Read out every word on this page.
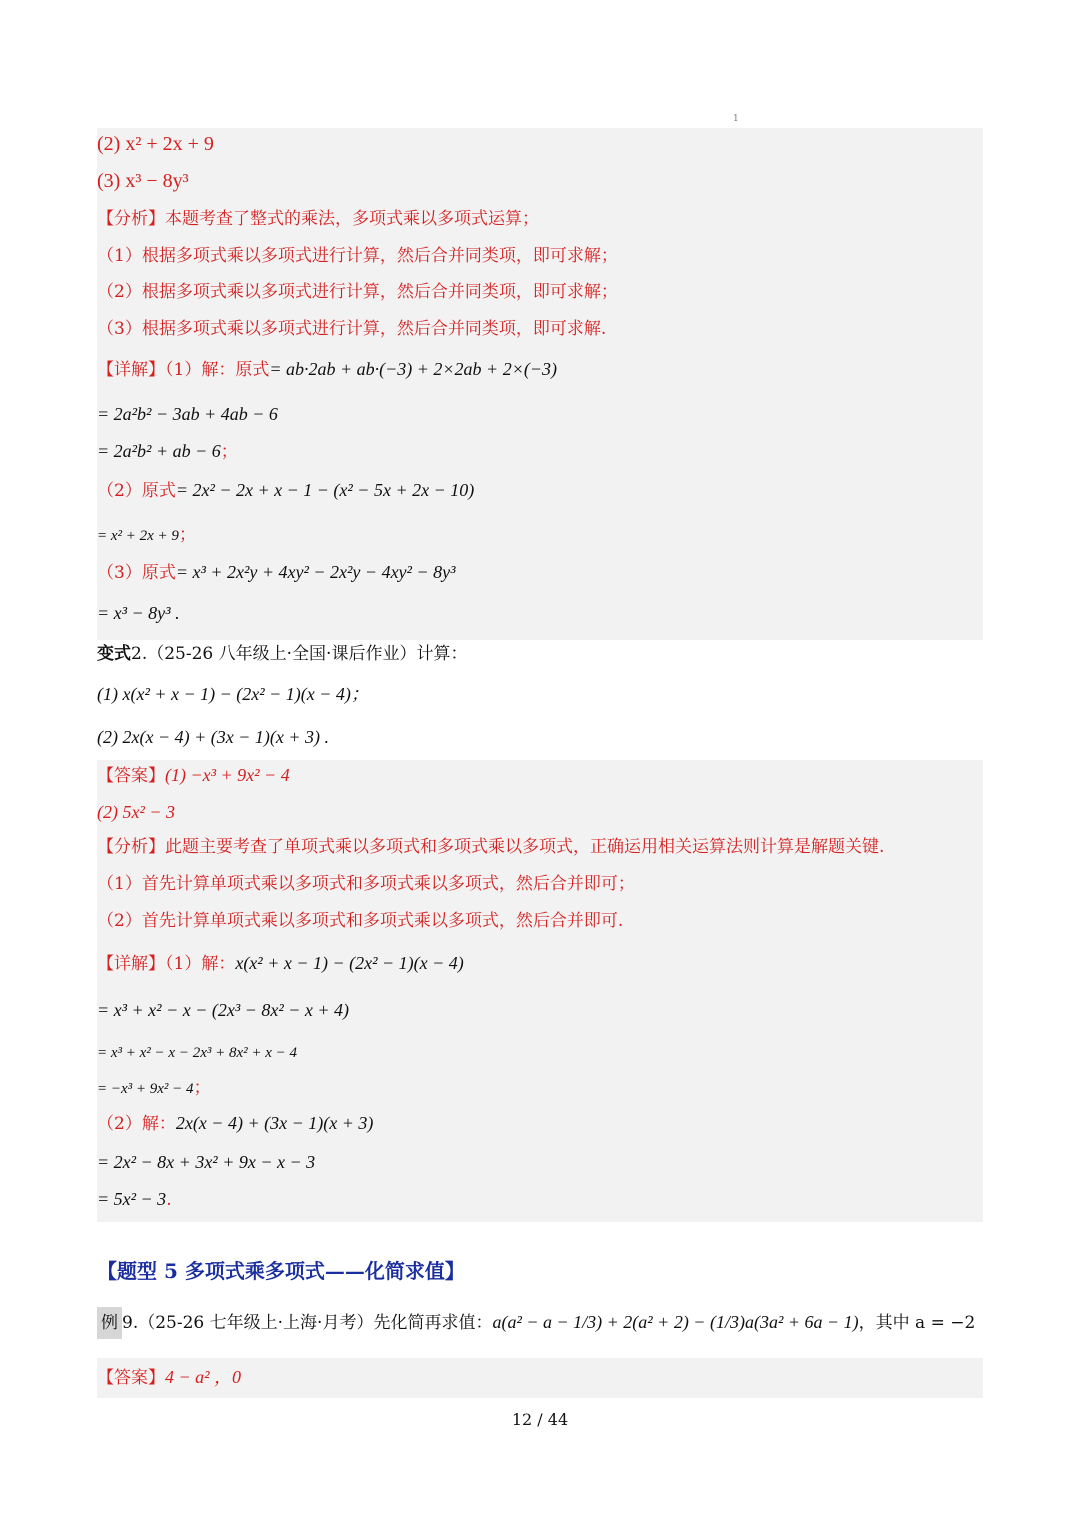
1
(2) x² + 2x + 9
(3) x³ − 8y³
【分析】本题考查了整式的乘法，多项式乘以多项式运算；
（1）根据多项式乘以多项式进行计算，然后合并同类项，即可求解；
（2）根据多项式乘以多项式进行计算，然后合并同类项，即可求解；
（3）根据多项式乘以多项式进行计算，然后合并同类项，即可求解.
【详解】（1）解：原式= ab·2ab + ab·(−3) + 2×2ab + 2×(−3)
= 2a²b² − 3ab + 4ab − 6
= 2a²b² + ab − 6；
（2）原式= 2x² − 2x + x − 1 − (x² − 5x + 2x − 10)
= x² + 2x + 9；
（3）原式= x³ + 2x²y + 4xy² − 2x²y − 4xy² − 8y³
= x³ − 8y³ .
变式2.（25-26 八年级上·全国·课后作业）计算：
(1) x(x² + x − 1) − (2x² − 1)(x − 4)；
(2) 2x(x − 4) + (3x − 1)(x + 3) .
【答案】(1) −x³ + 9x² − 4
(2) 5x² − 3
【分析】此题主要考查了单项式乘以多项式和多项式乘以多项式，正确运用相关运算法则计算是解题关键.
（1）首先计算单项式乘以多项式和多项式乘以多项式，然后合并即可；
（2）首先计算单项式乘以多项式和多项式乘以多项式，然后合并即可.
【详解】（1）解：x(x² + x − 1) − (2x² − 1)(x − 4)
= x³ + x² − x − (2x³ − 8x² − x + 4)
= x³ + x² − x − 2x³ + 8x² + x − 4
= −x³ + 9x² − 4；
（2）解：2x(x − 4) + (3x − 1)(x + 3)
= 2x² − 8x + 3x² + 9x − x − 3
= 5x² − 3.
【题型 5 多项式乘多项式——化简求值】
例 9.（25-26 七年级上·上海·月考）先化简再求值：a(a² − a − 1/3) + 2(a² + 2) − (1/3)a(3a² + 6a − 1)，其中 a = −2
【答案】4 − a² ，0
12 / 44
